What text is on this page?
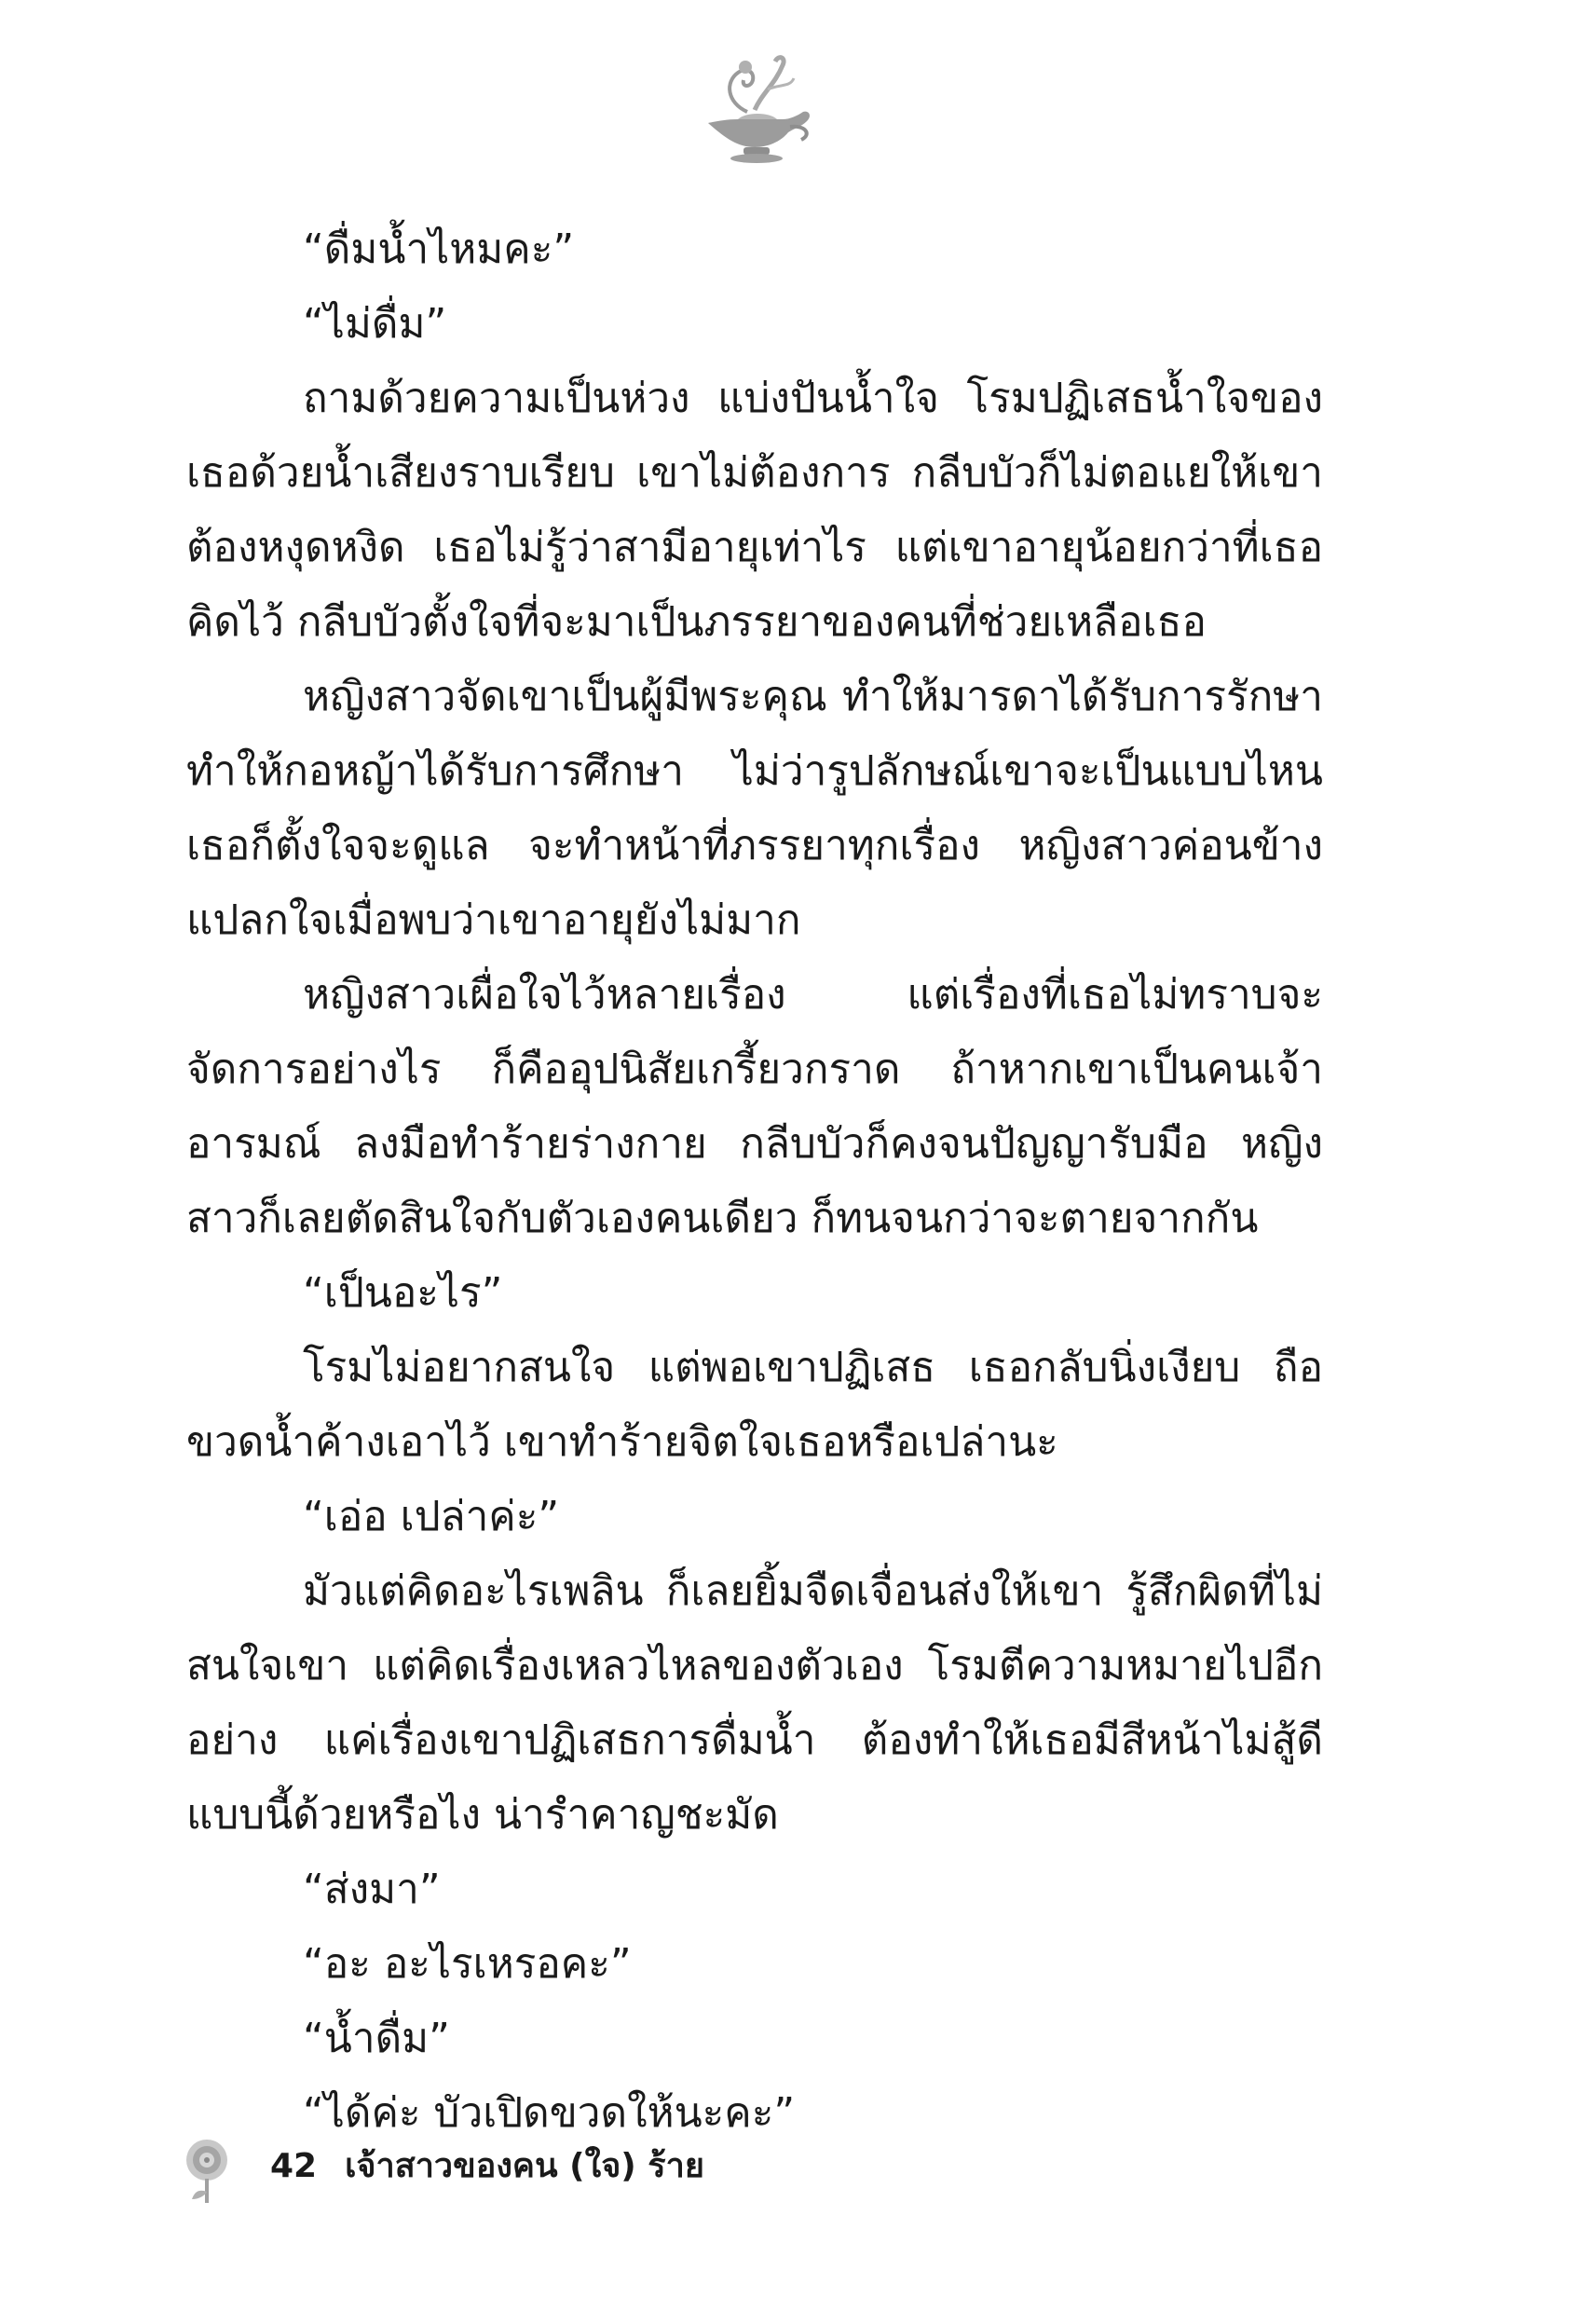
“ดื่มน้ำไหมคะ”

“ไม่ดื่ม”

ถามด้วยความเป็นห่วง แบ่งปันน้ำใจ โรมปฏิเสธน้ำใจของเธอด้วยน้ำเสียงราบเรียบ เขาไม่ต้องการ กลีบบัวก็ไม่ตอแยให้เขาต้องหงุดหงิด เธอไม่รู้ว่าสามีอายุเท่าไร แต่เขาอายุน้อยกว่าที่เธอคิดไว้ กลีบบัวตั้งใจที่จะมาเป็นภรรยาของคนที่ช่วยเหลือเธอ

หญิงสาวจัดเขาเป็นผู้มีพระคุณ ทำให้มารดาได้รับการรักษา ทำให้กอหญ้าได้รับการศึกษา ไม่ว่ารูปลักษณ์เขาจะเป็นแบบไหน เธอก็ตั้งใจจะดูแล จะทำหน้าที่ภรรยาทุกเรื่อง หญิงสาวค่อนข้างแปลกใจเมื่อพบว่าเขาอายุยังไม่มาก

หญิงสาวเผื่อใจไว้หลายเรื่อง แต่เรื่องที่เธอไม่ทราบจะจัดการอย่างไร ก็คืออุปนิสัยเกรี้ยวกราด ถ้าหากเขาเป็นคนเจ้าอารมณ์ ลงมือทำร้ายร่างกาย กลีบบัวก็คงจนปัญญารับมือ หญิงสาวก็เลยตัดสินใจกับตัวเองคนเดียว ก็ทนจนกว่าจะตายจากกัน

“เป็นอะไร”

โรมไม่อยากสนใจ แต่พอเขาปฏิเสธ เธอกลับนิ่งเงียบ ถือขวดน้ำค้างเอาไว้ เขาทำร้ายจิตใจเธอหรือเปล่านะ

“เอ่อ เปล่าค่ะ”

มัวแต่คิดอะไรเพลิน ก็เลยยิ้มจืดเจื่อนส่งให้เขา รู้สึกผิดที่ไม่สนใจเขา แต่คิดเรื่องเหลวไหลของตัวเอง โรมตีความหมายไปอีกอย่าง แค่เรื่องเขาปฏิเสธการดื่มน้ำ ต้องทำให้เธอมีสีหน้าไม่สู้ดีแบบนี้ด้วยหรือไง น่ารำคาญชะมัด

“ส่งมา”

“อะ อะไรเหรอคะ”

“น้ำดื่ม”

“ได้ค่ะ บัวเปิดขวดให้นะคะ”

42 เจ้าสาวของคน (ใจ) ร้าย
